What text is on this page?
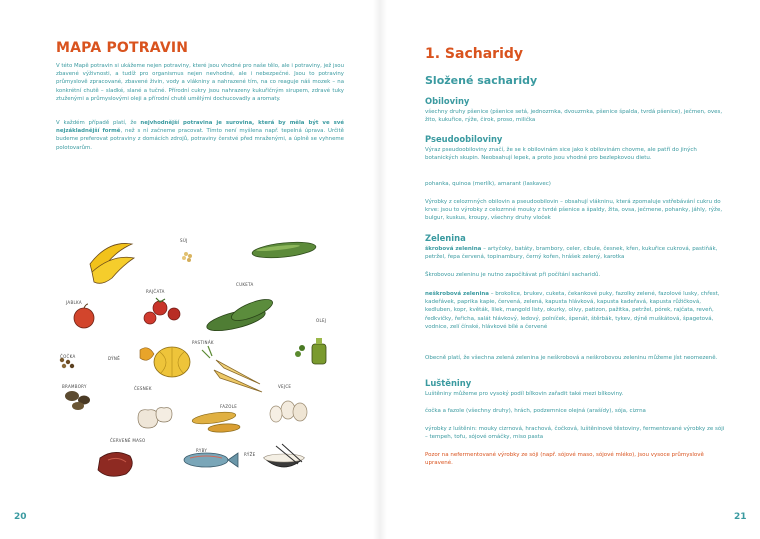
MAPA POTRAVIN
V této Mapě potravin si ukážeme nejen potraviny, které jsou vhodné pro naše tělo, ale i potraviny, jež jsou zbavené výživnosti, a tudíž pro organismus nejen nevhodné, ale i nebezpečné. Jsou to potraviny průmyslově zpracované, zbavené živin, vody a vlákniny a nahrazené tím, na co reaguje náš mozek – na konkrétní chutě – sladké, slané a tučné. Přírodní cukry jsou nahrazeny kukuřičným sirupem, zdravé tuky ztuženými a průmyslovými oleji a přírodní chutě umělými dochucovadly a aromaty.
V každém případě platí, že nejvhodnější potravina je surovina, která by měla být ve své nejzákladnější formě, než s ní začneme pracovat. Tímto není myšlena např. tepelná úprava. Určitě budeme preferovat potraviny z domácích zdrojů, potraviny čerstvé před mraženými, a úplně se vyhneme polotovarům.
SÚJ
RAJČATA
CUKETA
JABLKA
PASTINÁK
OLEJ
ČOČKA	DÝNĚ
BRAMBORY	ČESNEK	VEJCE
FAZOLE
RÝŽE
ČERVENÉ MASO
RYBY
20
1. Sacharidy
Složené sacharidy
Obiloviny
všechny druhy pšenice (pšenice setá, jednozrnka, dvouzrnka, pšenice špalda, tvrdá pšenice), ječmen, oves, žito, kukuřice, rýže, čirok, proso, milička
Pseudoobiloviny
Výraz pseudoobiloviny značí, že se k obilovinám sice jako k obilovinám chovme, ale patří do jiných botanických skupin. Neobsahují lepek, a proto jsou vhodné pro bezlepkovou dietu.
pohanka, quinoa (merlík), amarant (laskavec)
Výrobky z celozrnných obilovin a pseudoobilovin – obsahují vlákninu, která zpomaluje vstřebávání cukru do krve: jsou to výrobky z celozrnné mouky z tvrdé pšenice a špaldy, žita, ovsa, ječmene, pohanky, jáhly, rýže, bulgur, kuskus, kroupy, všechny druhy vloček
Zelenina
škrobová zelenina – artyčoky, batáty, brambory, celer, cibule, česnek, křen, kukuřice cukrová, pastiňák, petržel, řepa červená, topinambury, černý kořen, hrášek zelený, karotka
Škrobovou zeleninu je nutno započítávat při počítání sacharidů.
neškrobová zelenina – brokolice, brukev, cuketa, čekankové puky, fazolky zelené, fazolové lusky, chřest, kadeřávek, paprika kapie, červená, zelená, kapusta hlávková, kapusta kadeřavá, kapusta růžičková, kedluben, kopr, květák, lilek, mangold listy, okurky, olivy, patizon, pažitka, petržel, pórek, rajčata, reveň, ředkvičky, řeřicha, salát hlávkový, ledový, polníček, špenát, štěrbák, tykev, dýně muškátová, špagetová, vodnice, zelí čínské, hlávkové bílé a červené
Obecně platí, že všechna zelená zelenina je neškrobová a neškrobovou zeleninu můžeme jíst neomezeně.
Luštěniny
Luštěniny můžeme pro vysoký podíl bílkovin zařadit také mezi bílkoviny.
čočka a fazole (všechny druhy), hrách, podzemnice olejná (arašídy), sója, cizrna
výrobky z luštěnin: mouky cizrnová, hrachová, čočková, luštěninové těstoviny, fermentované výrobky ze sóji – tempeh, tofu, sójové omáčky, miso pasta
Pozor na nefermentované výrobky ze sóji (např. sójové maso, sójové mléko), jsou vysoce průmyslově upravené.
21
